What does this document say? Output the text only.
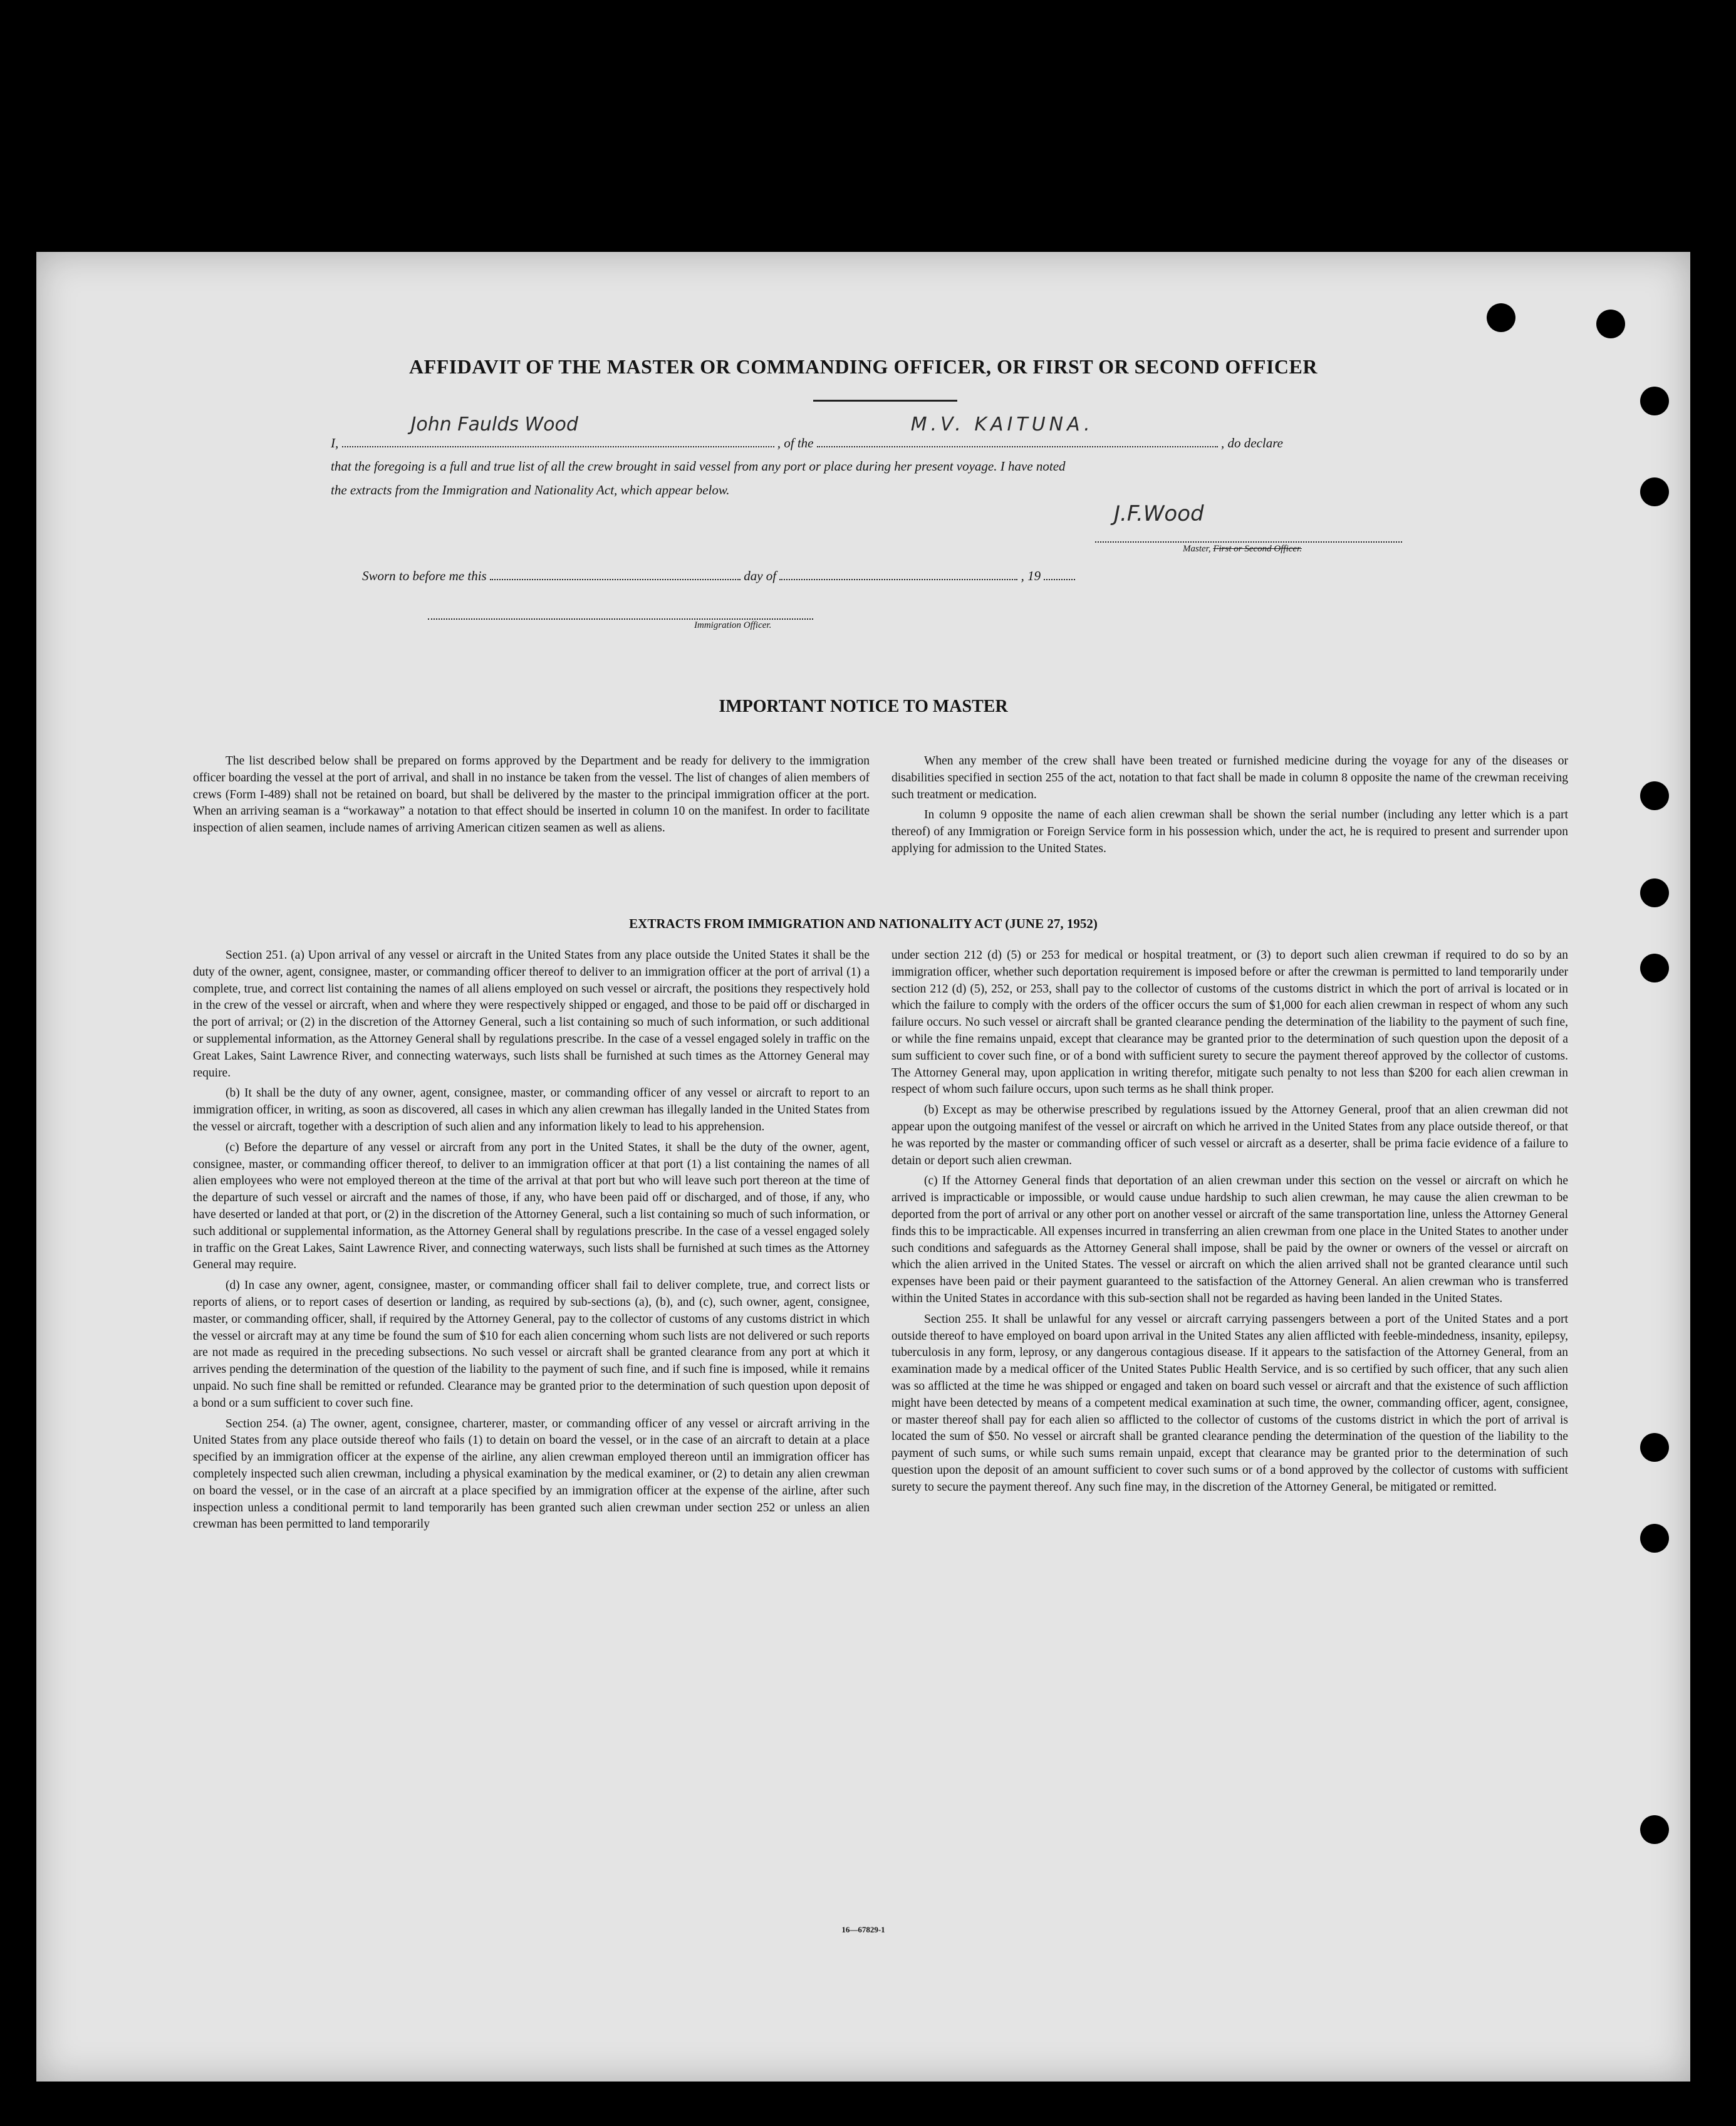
AFFIDAVIT OF THE MASTER OR COMMANDING OFFICER, OR FIRST OR SECOND OFFICER
I,
John Faulds Wood
, of the
M.V. KAITUNA.
, do declare
that the foregoing is a full and true list of all the crew brought in said vessel from any port or place during her present voyage. I have noted
the extracts from the Immigration and Nationality Act, which appear below.
J.F.Wood
Master, First or Second Officer.
Sworn to before me this	day of	, 19
Immigration Officer.
IMPORTANT NOTICE TO MASTER

The list described below shall be prepared on forms approved by the Department and be ready for delivery to the immigration officer boarding the vessel at the port of arrival, and shall in no instance be taken from the vessel. The list of changes of alien members of crews (Form I-489) shall not be retained on board, but shall be delivered by the master to the principal immigration officer at the port. When an arriving seaman is a “workaway” a notation to that effect should be inserted in column 10 on the manifest. In order to facilitate inspection of alien seamen, include names of arriving American citizen seamen as well as aliens.

When any member of the crew shall have been treated or furnished medicine during the voyage for any of the diseases or disabilities specified in section 255 of the act, notation to that fact shall be made in column 8 opposite the name of the crewman receiving such treatment or medication.

In column 9 opposite the name of each alien crewman shall be shown the serial number (including any letter which is a part thereof) of any Immigration or Foreign Service form in his possession which, under the act, he is required to present and surrender upon applying for admission to the United States.

EXTRACTS FROM IMMIGRATION AND NATIONALITY ACT (JUNE 27, 1952)

Section 251. (a) Upon arrival of any vessel or aircraft in the United States from any place outside the United States it shall be the duty of the owner, agent, consignee, master, or commanding officer thereof to deliver to an immigration officer at the port of arrival (1) a complete, true, and correct list containing the names of all aliens employed on such vessel or aircraft, the positions they respectively hold in the crew of the vessel or aircraft, when and where they were respectively shipped or engaged, and those to be paid off or discharged in the port of arrival; or (2) in the discretion of the Attorney General, such a list containing so much of such information, or such additional or supplemental information, as the Attorney General shall by regulations prescribe. In the case of a vessel engaged solely in traffic on the Great Lakes, Saint Lawrence River, and connecting waterways, such lists shall be furnished at such times as the Attorney General may require.

(b) It shall be the duty of any owner, agent, consignee, master, or commanding officer of any vessel or aircraft to report to an immigration officer, in writing, as soon as discovered, all cases in which any alien crewman has illegally landed in the United States from the vessel or aircraft, together with a description of such alien and any information likely to lead to his apprehension.

(c) Before the departure of any vessel or aircraft from any port in the United States, it shall be the duty of the owner, agent, consignee, master, or commanding officer thereof, to deliver to an immigration officer at that port (1) a list containing the names of all alien employees who were not employed thereon at the time of the arrival at that port but who will leave such port thereon at the time of the departure of such vessel or aircraft and the names of those, if any, who have been paid off or discharged, and of those, if any, who have deserted or landed at that port, or (2) in the discretion of the Attorney General, such a list containing so much of such information, or such additional or supplemental information, as the Attorney General shall by regulations prescribe. In the case of a vessel engaged solely in traffic on the Great Lakes, Saint Lawrence River, and connecting waterways, such lists shall be furnished at such times as the Attorney General may require.

(d) In case any owner, agent, consignee, master, or commanding officer shall fail to deliver complete, true, and correct lists or reports of aliens, or to report cases of desertion or landing, as required by sub-sections (a), (b), and (c), such owner, agent, consignee, master, or commanding officer, shall, if required by the Attorney General, pay to the collector of customs of any customs district in which the vessel or aircraft may at any time be found the sum of $10 for each alien concerning whom such lists are not delivered or such reports are not made as required in the preceding subsections. No such vessel or aircraft shall be granted clearance from any port at which it arrives pending the determination of the question of the liability to the payment of such fine, and if such fine is imposed, while it remains unpaid. No such fine shall be remitted or refunded. Clearance may be granted prior to the determination of such question upon deposit of a bond or a sum sufficient to cover such fine.

Section 254. (a) The owner, agent, consignee, charterer, master, or commanding officer of any vessel or aircraft arriving in the United States from any place outside thereof who fails (1) to detain on board the vessel, or in the case of an aircraft to detain at a place specified by an immigration officer at the expense of the airline, any alien crewman employed thereon until an immigration officer has completely inspected such alien crewman, including a physical examination by the medical examiner, or (2) to detain any alien crewman on board the vessel, or in the case of an aircraft at a place specified by an immigration officer at the expense of the airline, after such inspection unless a conditional permit to land temporarily has been granted such alien crewman under section 252 or unless an alien crewman has been permitted to land temporarily

under section 212 (d) (5) or 253 for medical or hospital treatment, or (3) to deport such alien crewman if required to do so by an immigration officer, whether such deportation requirement is imposed before or after the crewman is permitted to land temporarily under section 212 (d) (5), 252, or 253, shall pay to the collector of customs of the customs district in which the port of arrival is located or in which the failure to comply with the orders of the officer occurs the sum of $1,000 for each alien crewman in respect of whom any such failure occurs. No such vessel or aircraft shall be granted clearance pending the determination of the liability to the payment of such fine, or while the fine remains unpaid, except that clearance may be granted prior to the determination of such question upon the deposit of a sum sufficient to cover such fine, or of a bond with sufficient surety to secure the payment thereof approved by the collector of customs. The Attorney General may, upon application in writing therefor, mitigate such penalty to not less than $200 for each alien crewman in respect of whom such failure occurs, upon such terms as he shall think proper.

(b) Except as may be otherwise prescribed by regulations issued by the Attorney General, proof that an alien crewman did not appear upon the outgoing manifest of the vessel or aircraft on which he arrived in the United States from any place outside thereof, or that he was reported by the master or commanding officer of such vessel or aircraft as a deserter, shall be prima facie evidence of a failure to detain or deport such alien crewman.

(c) If the Attorney General finds that deportation of an alien crewman under this section on the vessel or aircraft on which he arrived is impracticable or impossible, or would cause undue hardship to such alien crewman, he may cause the alien crewman to be deported from the port of arrival or any other port on another vessel or aircraft of the same transportation line, unless the Attorney General finds this to be impracticable. All expenses incurred in transferring an alien crewman from one place in the United States to another under such conditions and safeguards as the Attorney General shall impose, shall be paid by the owner or owners of the vessel or aircraft on which the alien arrived in the United States. The vessel or aircraft on which the alien arrived shall not be granted clearance until such expenses have been paid or their payment guaranteed to the satisfaction of the Attorney General. An alien crewman who is transferred within the United States in accordance with this sub-section shall not be regarded as having been landed in the United States.

Section 255. It shall be unlawful for any vessel or aircraft carrying passengers between a port of the United States and a port outside thereof to have employed on board upon arrival in the United States any alien afflicted with feeble-mindedness, insanity, epilepsy, tuberculosis in any form, leprosy, or any dangerous contagious disease. If it appears to the satisfaction of the Attorney General, from an examination made by a medical officer of the United States Public Health Service, and is so certified by such officer, that any such alien was so afflicted at the time he was shipped or engaged and taken on board such vessel or aircraft and that the existence of such affliction might have been detected by means of a competent medical examination at such time, the owner, commanding officer, agent, consignee, or master thereof shall pay for each alien so afflicted to the collector of customs of the customs district in which the port of arrival is located the sum of $50. No vessel or aircraft shall be granted clearance pending the determination of the question of the liability to the payment of such sums, or while such sums remain unpaid, except that clearance may be granted prior to the determination of such question upon the deposit of an amount sufficient to cover such sums or of a bond approved by the collector of customs with sufficient surety to secure the payment thereof. Any such fine may, in the discretion of the Attorney General, be mitigated or remitted.

16—67829-1
